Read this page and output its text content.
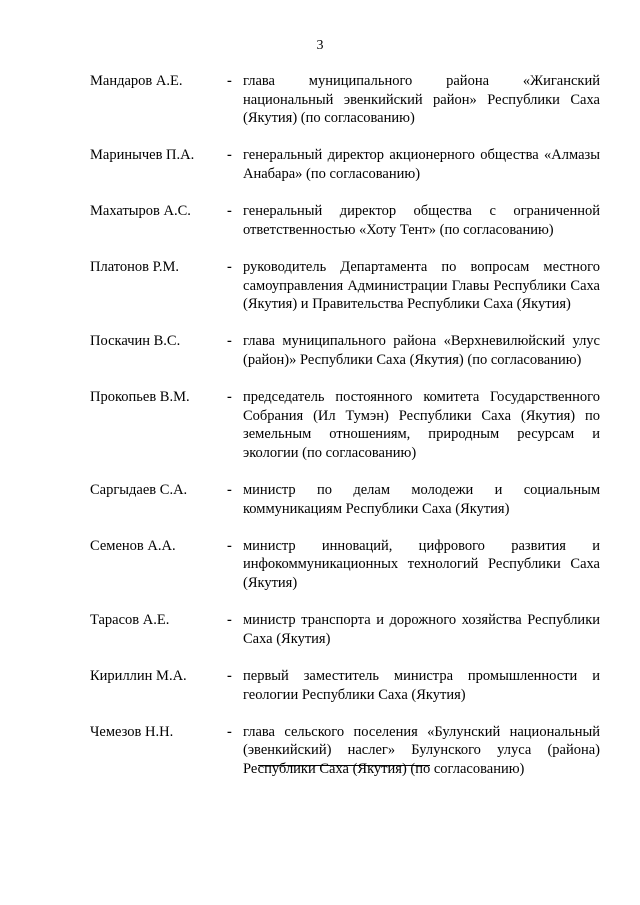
3
Мандаров А.Е.	- глава муниципального района «Жиганский национальный эвенкийский район» Республики Саха (Якутия) (по согласованию)
Маринычев П.А. - генеральный директор акционерного общества «Алмазы Анабара» (по согласованию)
Махатыров А.С. - генеральный директор общества с ограниченной ответственностью «Хоту Тент» (по согласованию)
Платонов Р.М.	- руководитель Департамента по вопросам местного самоуправления Администрации Главы Республики Саха (Якутия) и Правительства Республики Саха (Якутия)
Поскачин В.С.	- глава муниципального района «Верхневилюйский улус (район)» Республики Саха (Якутия) (по согласованию)
Прокопьев В.М.	- председатель постоянного комитета Государственного Собрания (Ил Тумэн) Республики Саха (Якутия) по земельным отношениям, природным ресурсам и экологии (по согласованию)
Саргыдаев С.А.	- министр по делам молодежи и социальным коммуникациям Республики Саха (Якутия)
Семенов А.А.	- министр инноваций, цифрового развития и инфокоммуникационных технологий Республики Саха (Якутия)
Тарасов А.Е.	- министр транспорта и дорожного хозяйства Республики Саха (Якутия)
Кириллин М.А.	- первый заместитель министра промышленности и геологии Республики Саха (Якутия)
Чемезов Н.Н.	- глава сельского поселения «Булунский национальный (эвенкийский) наслег» Булунского улуса (района) Республики Саха (Якутия) (по согласованию)
